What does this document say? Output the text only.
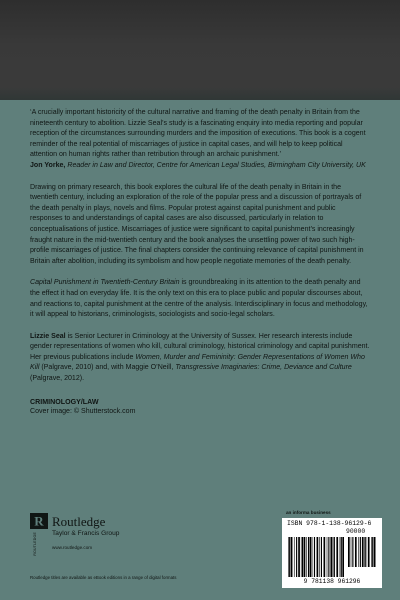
‘A crucially important historicity of the cultural narrative and framing of the death penalty in Britain from the nineteenth century to abolition. Lizzie Seal’s study is a fascinating enquiry into media reporting and popular reception of the circumstances surrounding murders and the imposition of executions. This book is a cogent reminder of the real potential of miscarriages of justice in capital cases, and will help to keep political attention on human rights rather than retribution through an archaic punishment.’

Jon Yorke, Reader in Law and Director, Centre for American Legal Studies, Birmingham City University, UK

Drawing on primary research, this book explores the cultural life of the death penalty in Britain in the twentieth century, including an exploration of the role of the popular press and a discussion of portrayals of the death penalty in plays, novels and films. Popular protest against capital punishment and public responses to and understandings of capital cases are also discussed, particularly in relation to conceptualisations of justice. Miscarriages of justice were significant to capital punishment’s increasingly fraught nature in the mid-twentieth century and the book analyses the unsettling power of two such high-profile miscarriages of justice. The final chapters consider the continuing relevance of capital punishment in Britain after abolition, including its symbolism and how people negotiate memories of the death penalty.

Capital Punishment in Twentieth-Century Britain is groundbreaking in its attention to the death penalty and the effect it had on everyday life. It is the only text on this era to place public and popular discourses about, and reactions to, capital punishment at the centre of the analysis. Interdisciplinary in focus and methodology, it will appeal to historians, criminologists, sociologists and socio-legal scholars.

Lizzie Seal is Senior Lecturer in Criminology at the University of Sussex. Her research interests include gender representations of women who kill, cultural criminology, historical criminology and capital punishment. Her previous publications include Women, Murder and Femininity: Gender Representations of Women Who Kill (Palgrave, 2010) and, with Maggie O’Neill, Transgressive Imaginaries: Crime, Deviance and Culture (Palgrave, 2012).

CRIMINOLOGY/LAW

Cover image: © Shutterstock.com

R
ROUTLEDGE
Routledge
Taylor & Francis Group
www.routledge.com
an informa business
ISBN 978-1-138-96129-6
90000
9 781138 961296
Routledge titles are available as eBook editions in a range of digital formats
